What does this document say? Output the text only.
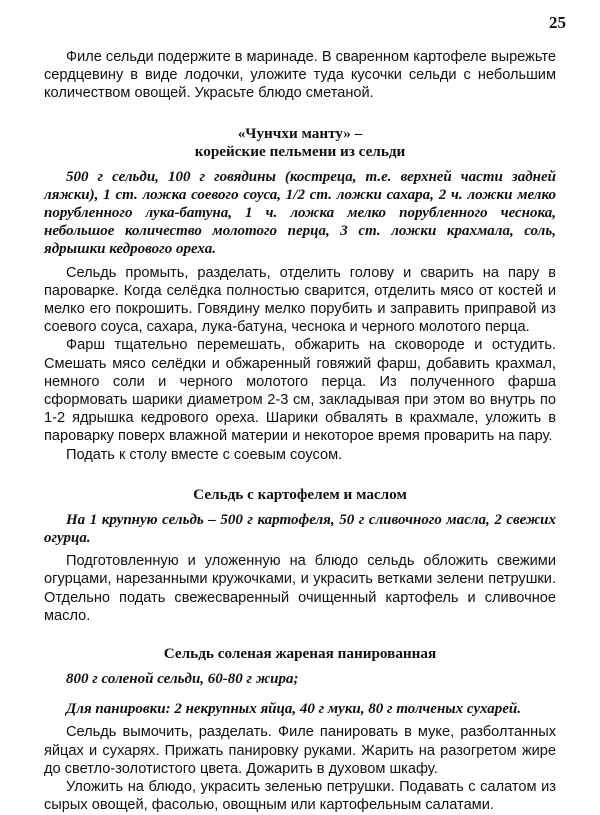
25

Филе сельди подержите в маринаде. В сваренном картофеле вырежьте сердцевину в виде лодочки, уложите туда кусочки сельди с небольшим количеством овощей. Украсьте блюдо сметаной.

«Чунчхи манту» –
корейские пельмени из сельди

500 г сельди, 100 г говядины (костреца, т.е. верхней части задней ляжки), 1 ст. ложка соевого соуса, 1/2 ст. ложки сахара, 2 ч. ложки мелко порубленного лука-батуна, 1 ч. ложка мелко порубленного чеснока, небольшое количество молотого перца, 3 ст. ложки крахмала, соль, ядрышки кедрового ореха.

Сельдь промыть, разделать, отделить голову и сварить на пару в пароварке. Когда селёдка полностью сварится, отделить мясо от костей и мелко его покрошить. Говядину мелко порубить и заправить приправой из соевого соуса, сахара, лука-батуна, чеснока и черного молотого перца.

Фарш тщательно перемешать, обжарить на сковороде и остудить. Смешать мясо селёдки и обжаренный говяжий фарш, добавить крахмал, немного соли и черного молотого перца. Из полученного фарша сформовать шарики диаметром 2-3 см, закладывая при этом во внутрь по 1-2 ядрышка кедрового ореха. Шарики обвалять в крахмале, уложить в пароварку поверх влажной материи и некоторое время проварить на пару.

Подать к столу вместе с соевым соусом.

Сельдь с картофелем и маслом

На 1 крупную сельдь – 500 г картофеля, 50 г сливочного масла, 2 свежих огурца.

Подготовленную и уложенную на блюдо сельдь обложить свежими огурцами, нарезанными кружочками, и украсить ветками зелени петрушки. Отдельно подать свежесваренный очищенный картофель и сливочное масло.

Сельдь соленая жареная панированная

800 г соленой сельди, 60-80 г жира;

Для панировки: 2 некрупных яйца, 40 г муки, 80 г толченых сухарей.

Сельдь вымочить, разделать. Филе панировать в муке, разболтанных яйцах и сухарях. Прижать панировку руками. Жарить на разогретом жире до светло-золотистого цвета. Дожарить в духовом шкафу.

Уложить на блюдо, украсить зеленью петрушки. Подавать с салатом из сырых овощей, фасолью, овощным или картофельным салатами.
